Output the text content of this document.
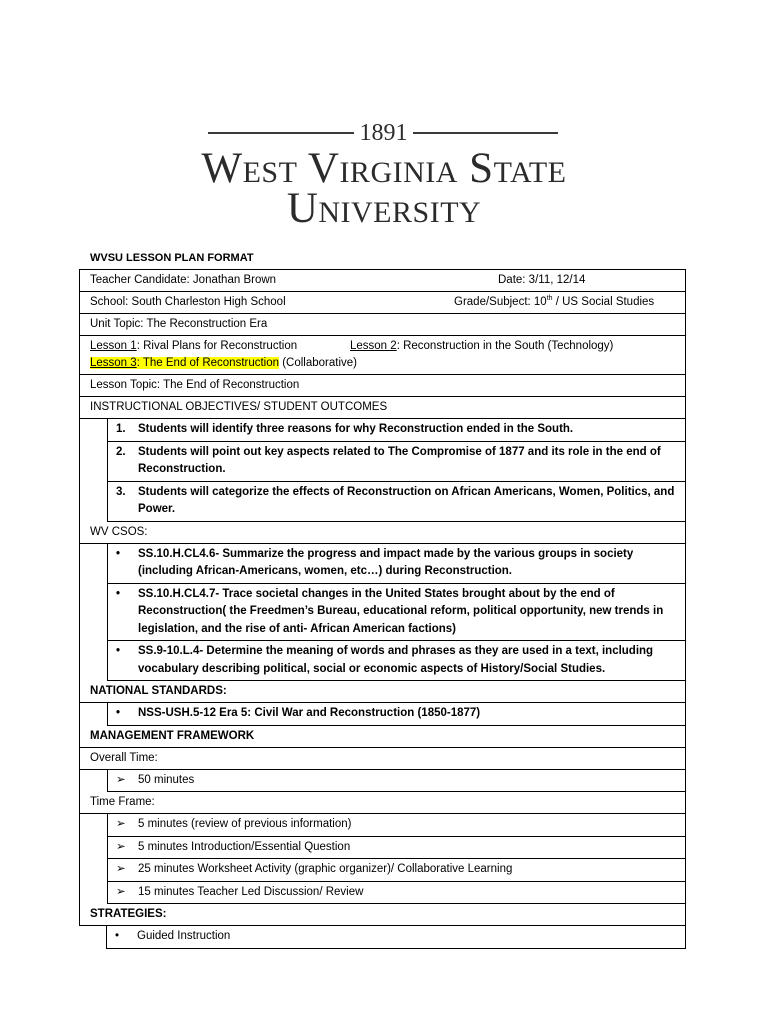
1891
West Virginia State
University
WVSU LESSON PLAN FORMAT
Teacher Candidate: Jonathan Brown	Date: 3/11, 12/14
School: South Charleston High School	Grade/Subject: 10th / US Social Studies
Unit Topic: The Reconstruction Era
Lesson 1: Rival Plans for Reconstruction	Lesson 2: Reconstruction in the South (Technology)
Lesson 3: The End of Reconstruction (Collaborative)
Lesson Topic: The End of Reconstruction
INSTRUCTIONAL OBJECTIVES/ STUDENT OUTCOMES
1.	Students will identify three reasons for why Reconstruction ended in the South.
2.	Students will point out key aspects related to The Compromise of 1877 and its role in the end of Reconstruction.
3.	Students will categorize the effects of Reconstruction on African Americans, Women, Politics, and Power.
WV CSOS:
•	SS.10.H.CL4.6- Summarize the progress and impact made by the various groups in society (including African-Americans, women, etc…) during Reconstruction.
•	SS.10.H.CL4.7- Trace societal changes in the United States brought about by the end of Reconstruction( the Freedmen’s Bureau, educational reform, political opportunity, new trends in legislation, and the rise of anti- African American factions)
•	SS.9-10.L.4- Determine the meaning of words and phrases as they are used in a text, including vocabulary describing political, social or economic aspects of History/Social Studies.
NATIONAL STANDARDS:
•	NSS-USH.5-12 Era 5: Civil War and Reconstruction (1850-1877)
MANAGEMENT FRAMEWORK
Overall Time:
➢	50 minutes
Time Frame:
➢	5 minutes (review of previous information)
➢	5 minutes Introduction/Essential Question
➢	25 minutes Worksheet Activity (graphic organizer)/ Collaborative Learning
➢	15 minutes Teacher Led Discussion/ Review
STRATEGIES:
•	Guided Instruction
